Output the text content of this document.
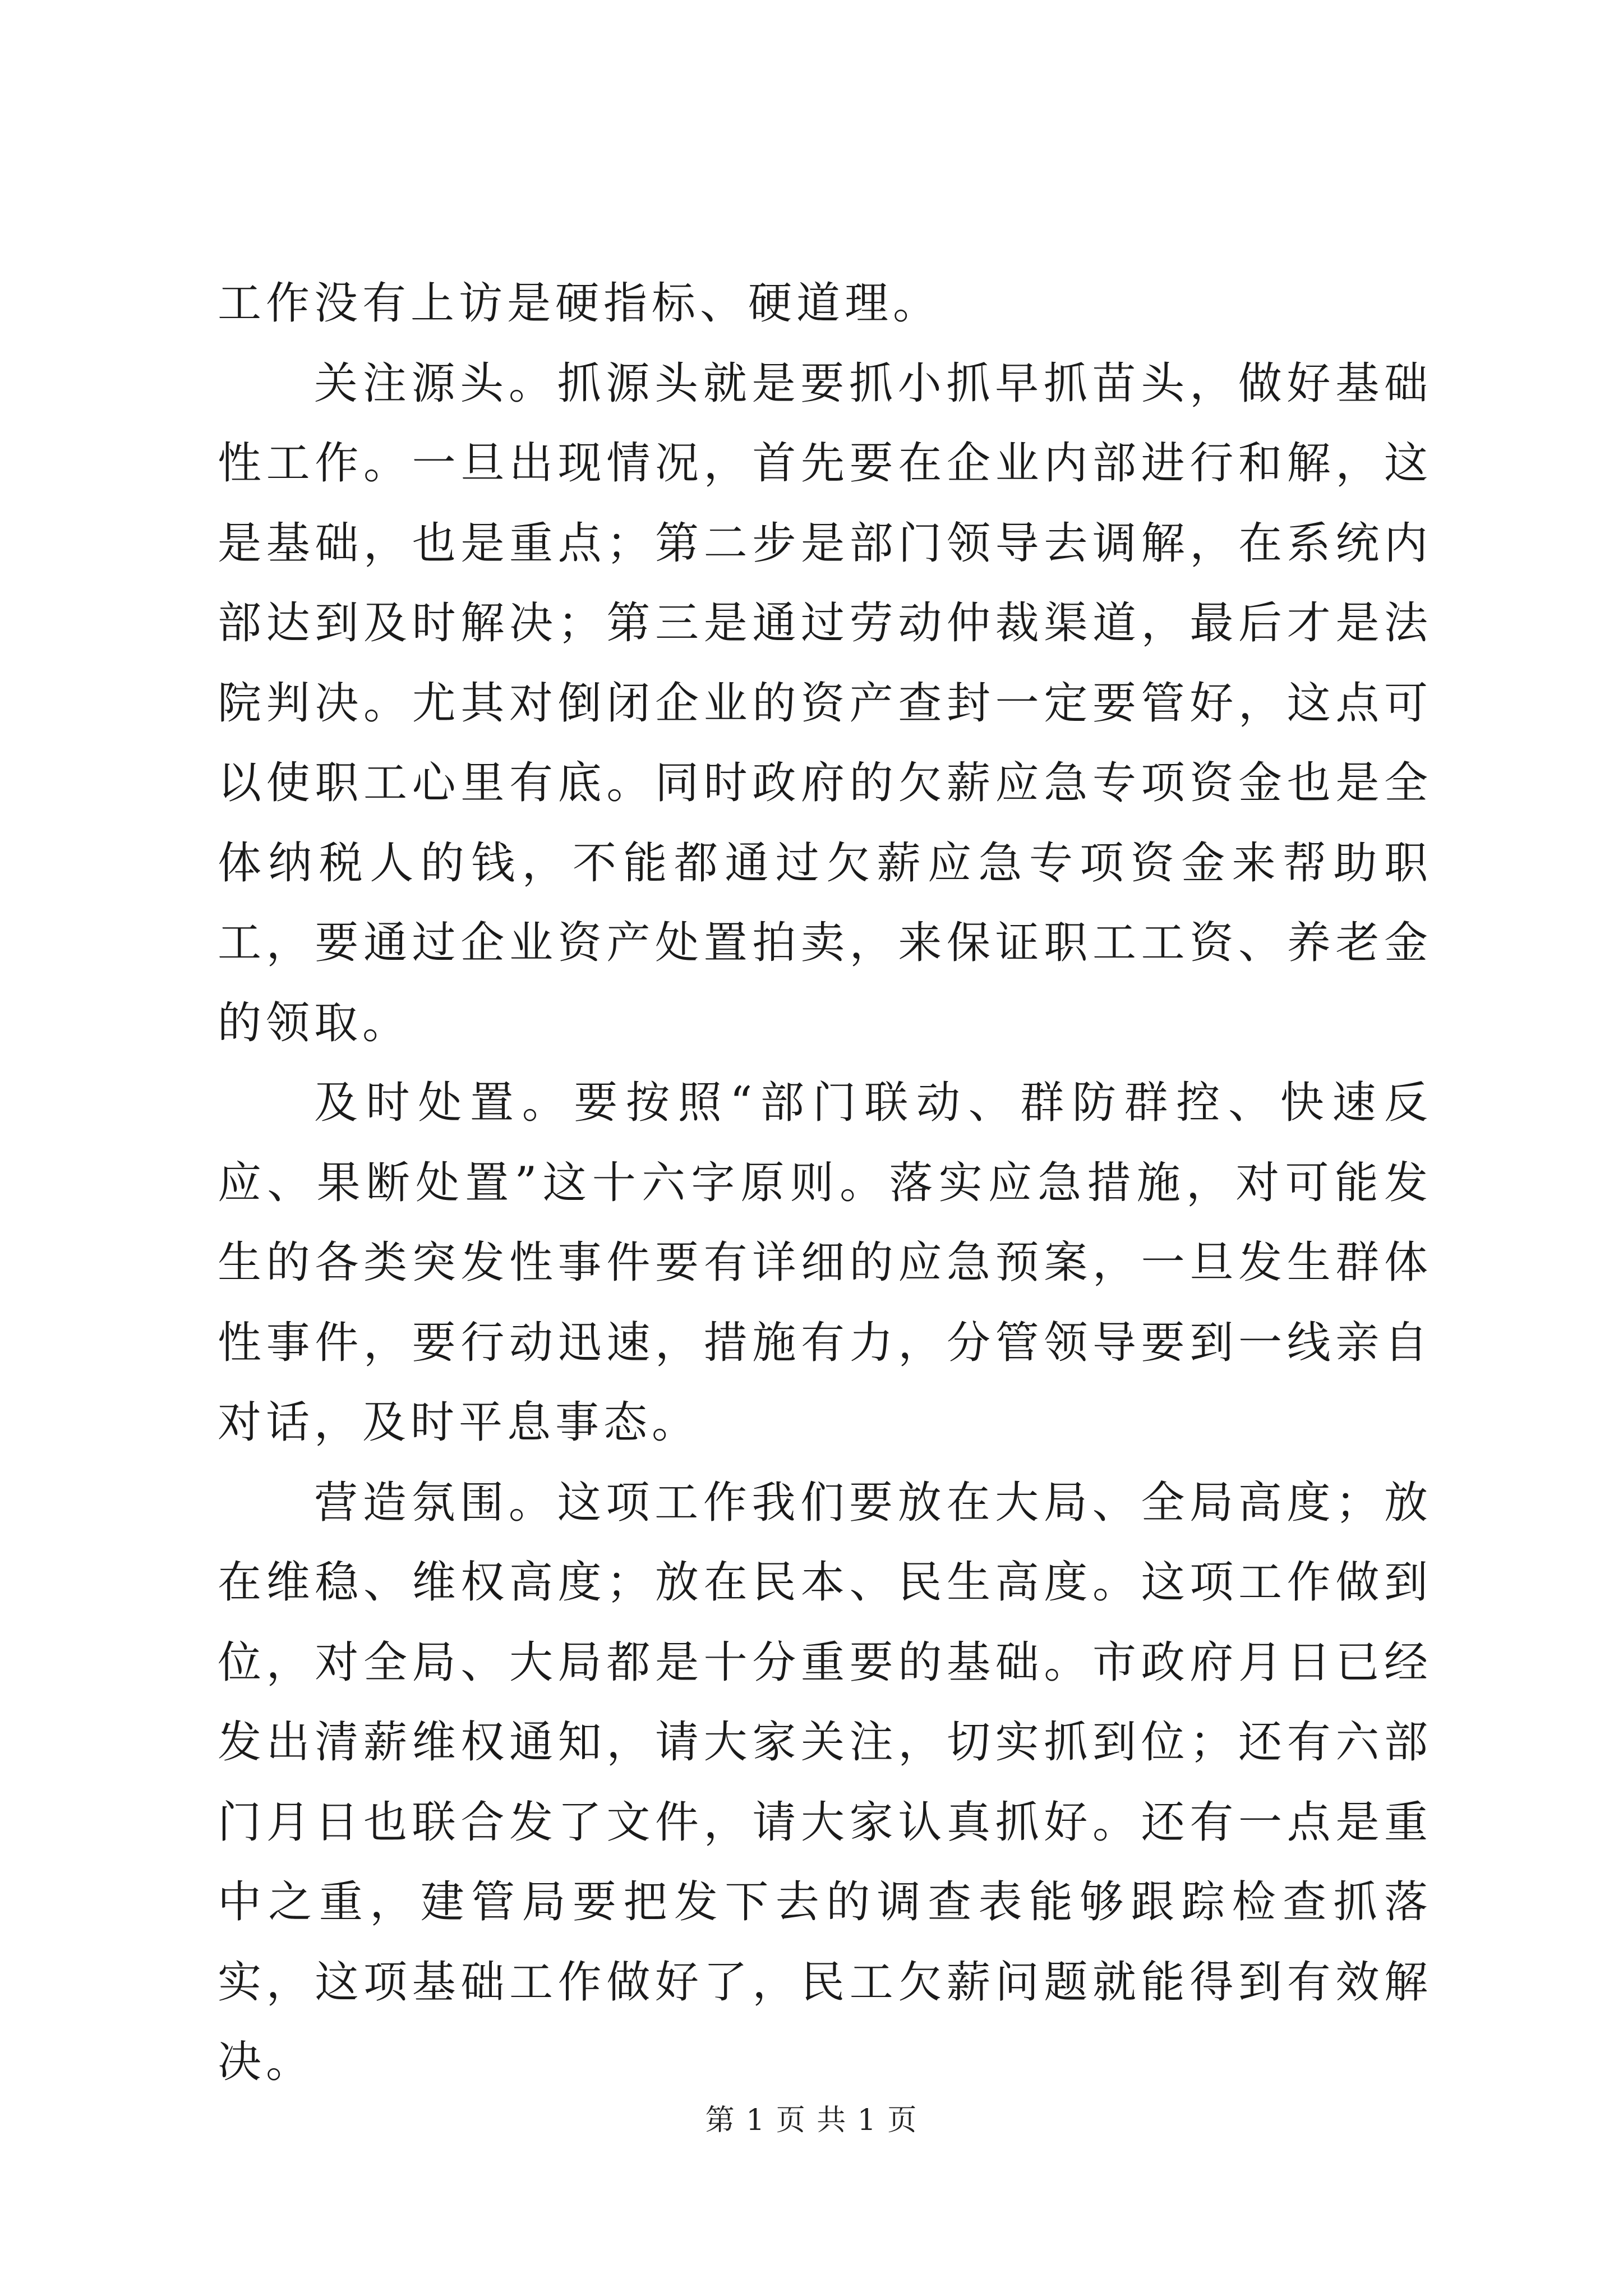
工作没有上访是硬指标、硬道理。

关注源头。抓源头就是要抓小抓早抓苗头，做好基础性工作。一旦出现情况，首先要在企业内部进行和解，这是基础，也是重点；第二步是部门领导去调解，在系统内部达到及时解决；第三是通过劳动仲裁渠道，最后才是法院判决。尤其对倒闭企业的资产查封一定要管好，这点可以使职工心里有底。同时政府的欠薪应急专项资金也是全体纳税人的钱，不能都通过欠薪应急专项资金来帮助职工，要通过企业资产处置拍卖，来保证职工工资、养老金的领取。

及时处置。要按照“部门联动、群防群控、快速反应、果断处置”这十六字原则。落实应急措施，对可能发生的各类突发性事件要有详细的应急预案，一旦发生群体性事件，要行动迅速，措施有力，分管领导要到一线亲自对话，及时平息事态。

营造氛围。这项工作我们要放在大局、全局高度；放在维稳、维权高度；放在民本、民生高度。这项工作做到位，对全局、大局都是十分重要的基础。市政府月日已经发出清薪维权通知，请大家关注，切实抓到位；还有六部门月日也联合发了文件，请大家认真抓好。还有一点是重中之重，建管局要把发下去的调查表能够跟踪检查抓落实，这项基础工作做好了，民工欠薪问题就能得到有效解决。

第 1 页 共 1 页
